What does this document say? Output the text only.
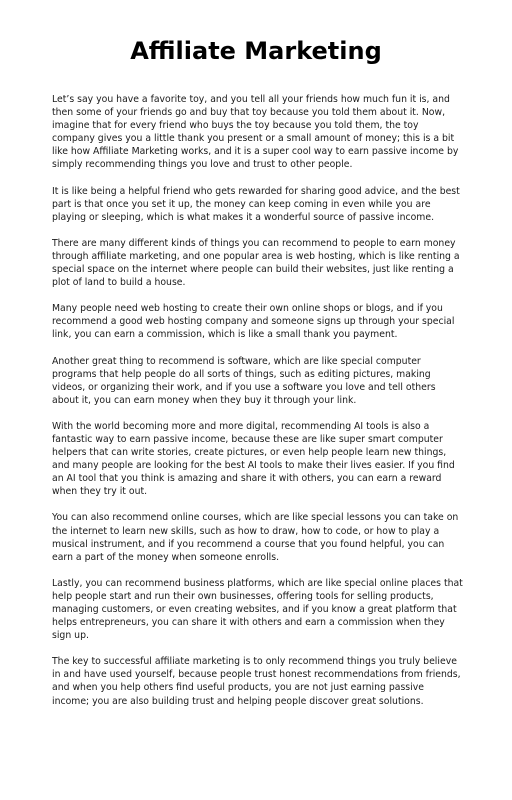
Affiliate Marketing

Let’s say you have a favorite toy, and you tell all your friends how much fun it is, and then some of your friends go and buy that toy because you told them about it. Now, imagine that for every friend who buys the toy because you told them, the toy company gives you a little thank you present or a small amount of money; this is a bit like how Affiliate Marketing works, and it is a super cool way to earn passive income by simply recommending things you love and trust to other people.

It is like being a helpful friend who gets rewarded for sharing good advice, and the best part is that once you set it up, the money can keep coming in even while you are playing or sleeping, which is what makes it a wonderful source of passive income.

There are many different kinds of things you can recommend to people to earn money through affiliate marketing, and one popular area is web hosting, which is like renting a special space on the internet where people can build their websites, just like renting a plot of land to build a house.

Many people need web hosting to create their own online shops or blogs, and if you recommend a good web hosting company and someone signs up through your special link, you can earn a commission, which is like a small thank you payment.

Another great thing to recommend is software, which are like special computer programs that help people do all sorts of things, such as editing pictures, making videos, or organizing their work, and if you use a software you love and tell others about it, you can earn money when they buy it through your link.

With the world becoming more and more digital, recommending AI tools is also a fantastic way to earn passive income, because these are like super smart computer helpers that can write stories, create pictures, or even help people learn new things, and many people are looking for the best AI tools to make their lives easier. If you find an AI tool that you think is amazing and share it with others, you can earn a reward when they try it out.

You can also recommend online courses, which are like special lessons you can take on the internet to learn new skills, such as how to draw, how to code, or how to play a musical instrument, and if you recommend a course that you found helpful, you can earn a part of the money when someone enrolls.

Lastly, you can recommend business platforms, which are like special online places that help people start and run their own businesses, offering tools for selling products, managing customers, or even creating websites, and if you know a great platform that helps entrepreneurs, you can share it with others and earn a commission when they sign up.

The key to successful affiliate marketing is to only recommend things you truly believe in and have used yourself, because people trust honest recommendations from friends, and when you help others find useful products, you are not just earning passive income; you are also building trust and helping people discover great solutions.
